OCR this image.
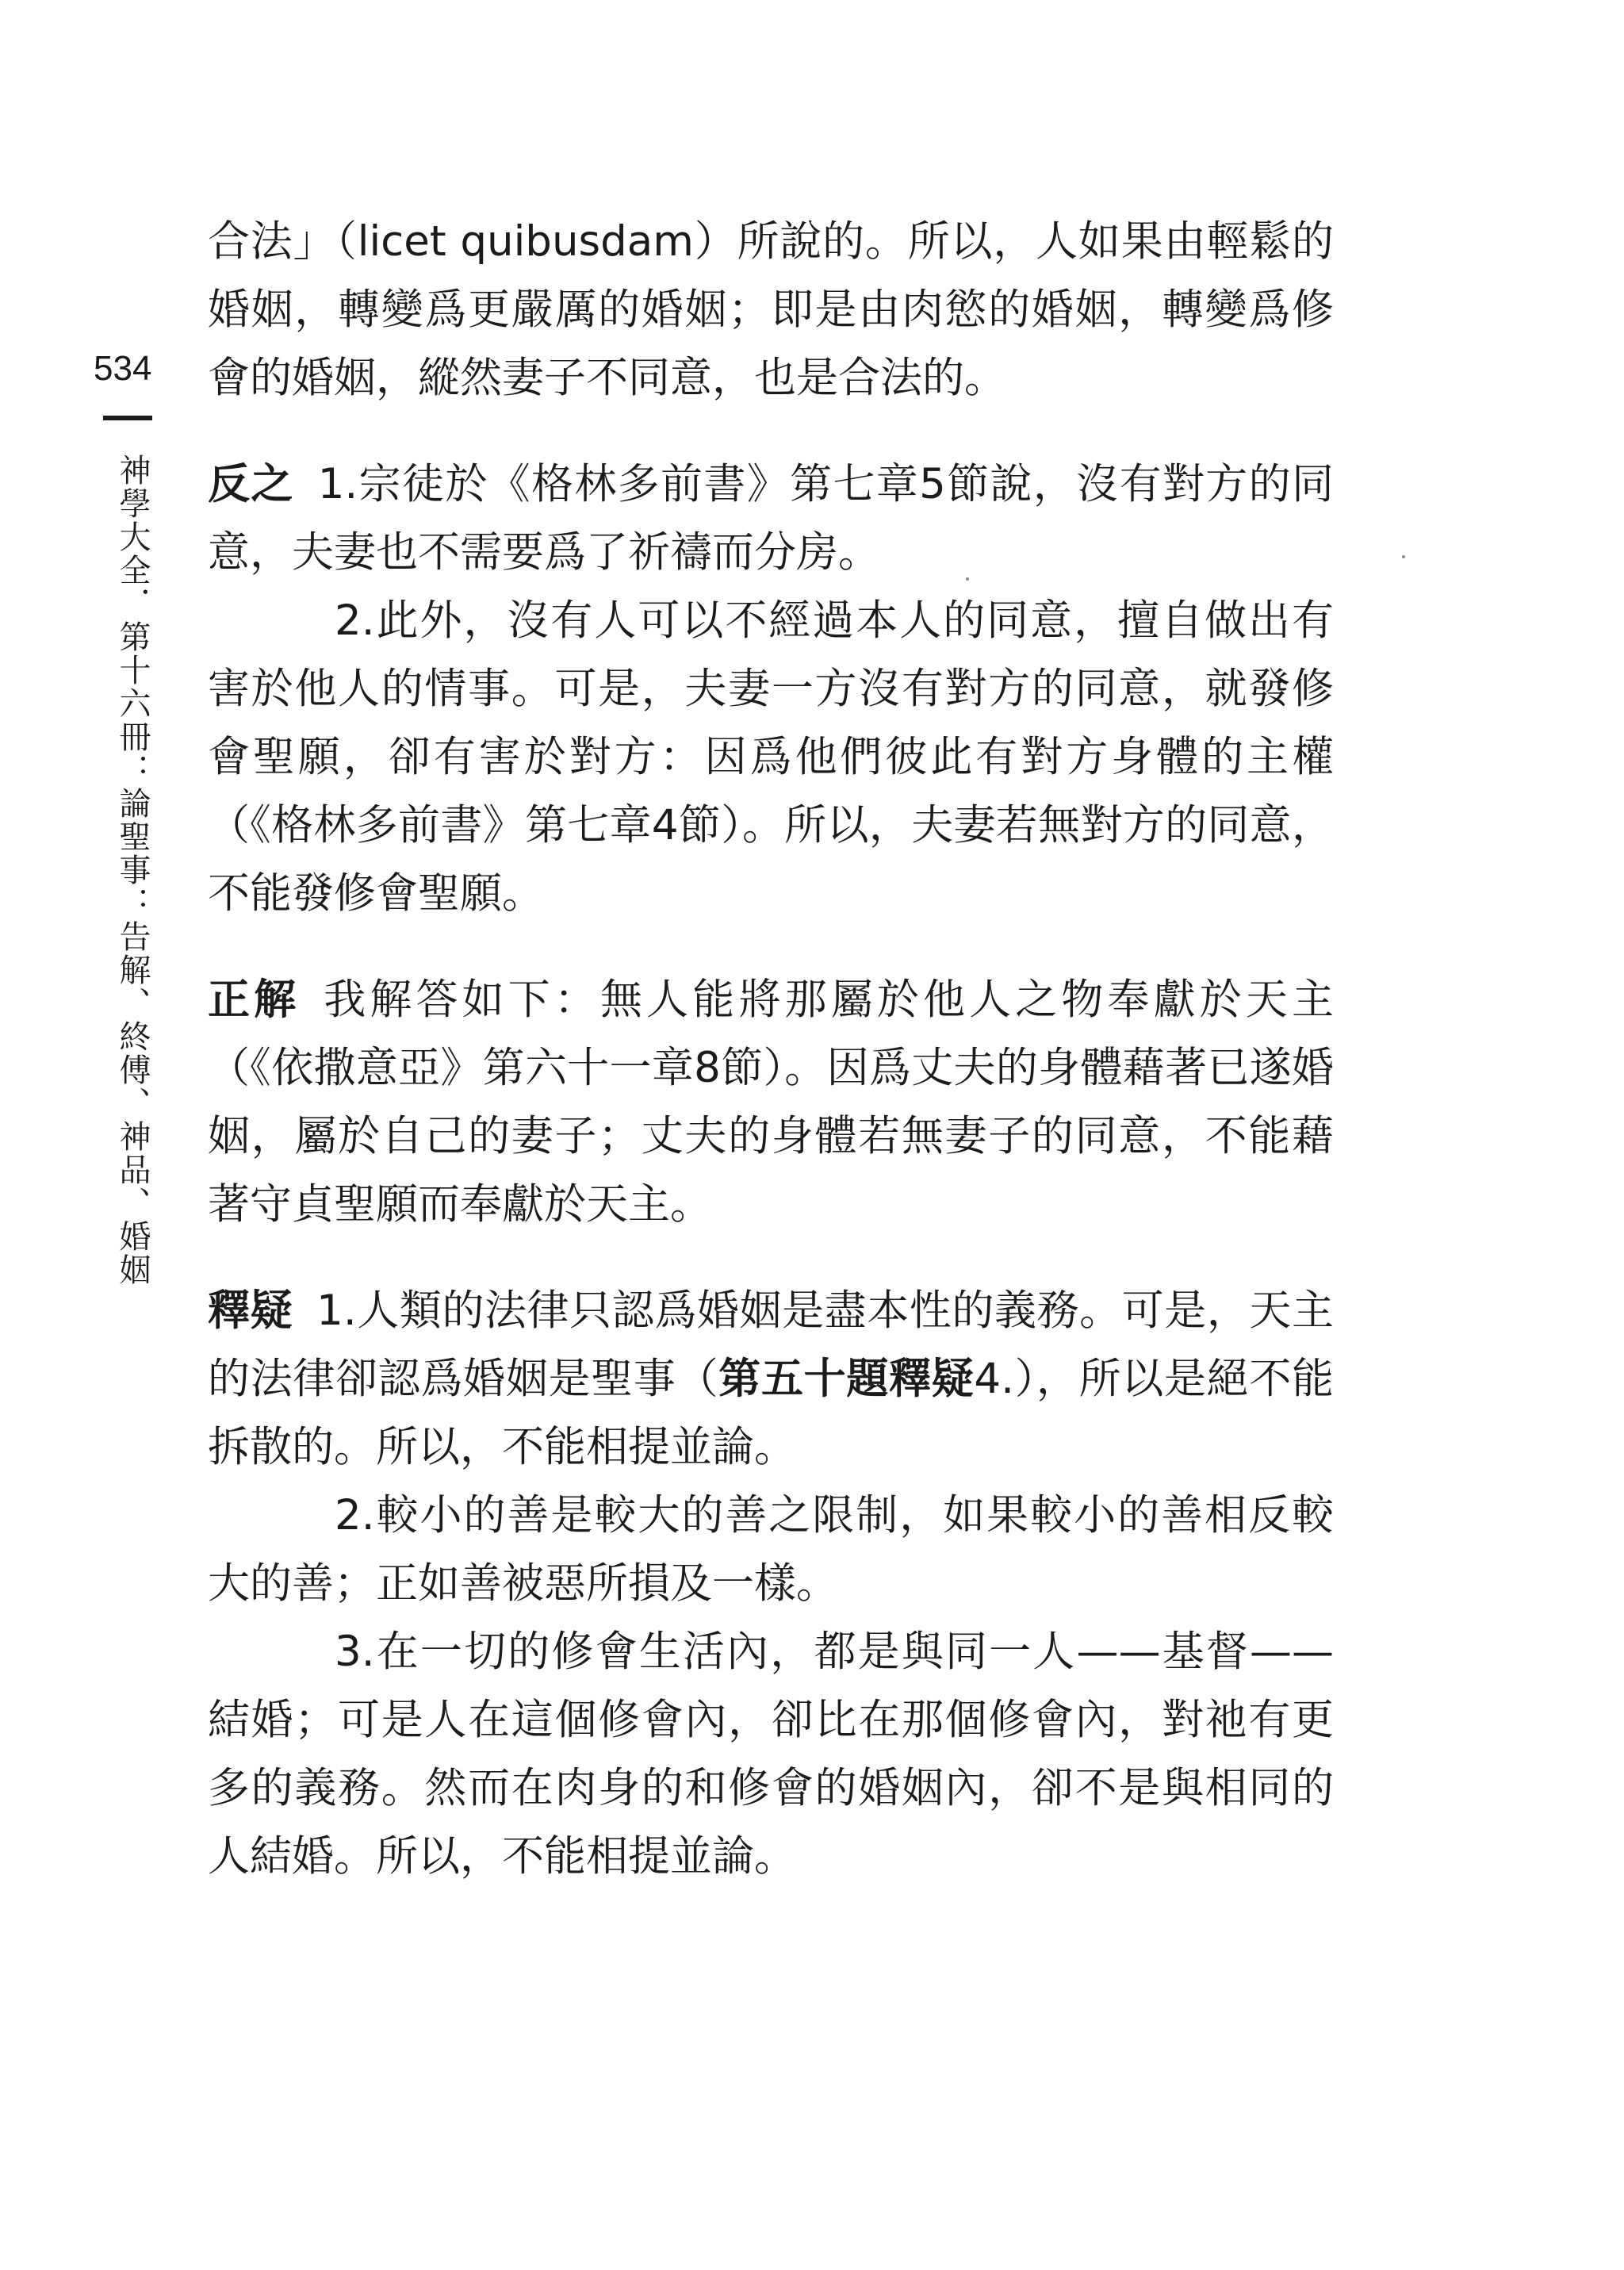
534
神學大全．第十六冊：論聖事：告解、終傅、神品、婚姻

合法」（licet quibusdam）所說的。所以，人如果由輕鬆的婚姻，轉變爲更嚴厲的婚姻；即是由肉慾的婚姻，轉變爲修會的婚姻，縱然妻子不同意，也是合法的。

反之 1.宗徒於《格林多前書》第七章5節說，沒有對方的同意，夫妻也不需要爲了祈禱而分房。

2.此外，沒有人可以不經過本人的同意，擅自做出有害於他人的情事。可是，夫妻一方沒有對方的同意，就發修會聖願，卻有害於對方：因爲他們彼此有對方身體的主權（《格林多前書》第七章4節）。所以，夫妻若無對方的同意，不能發修會聖願。

正解 我解答如下：無人能將那屬於他人之物奉獻於天主（《依撒意亞》第六十一章8節）。因爲丈夫的身體藉著已遂婚姻，屬於自己的妻子；丈夫的身體若無妻子的同意，不能藉著守貞聖願而奉獻於天主。

釋疑 1.人類的法律只認爲婚姻是盡本性的義務。可是，天主的法律卻認爲婚姻是聖事（第五十題釋疑4.），所以是絕不能拆散的。所以，不能相提並論。

2.較小的善是較大的善之限制，如果較小的善相反較大的善；正如善被惡所損及一樣。

3.在一切的修會生活內，都是與同一人——基督——結婚；可是人在這個修會內，卻比在那個修會內，對祂有更多的義務。然而在肉身的和修會的婚姻內，卻不是與相同的人結婚。所以，不能相提並論。
